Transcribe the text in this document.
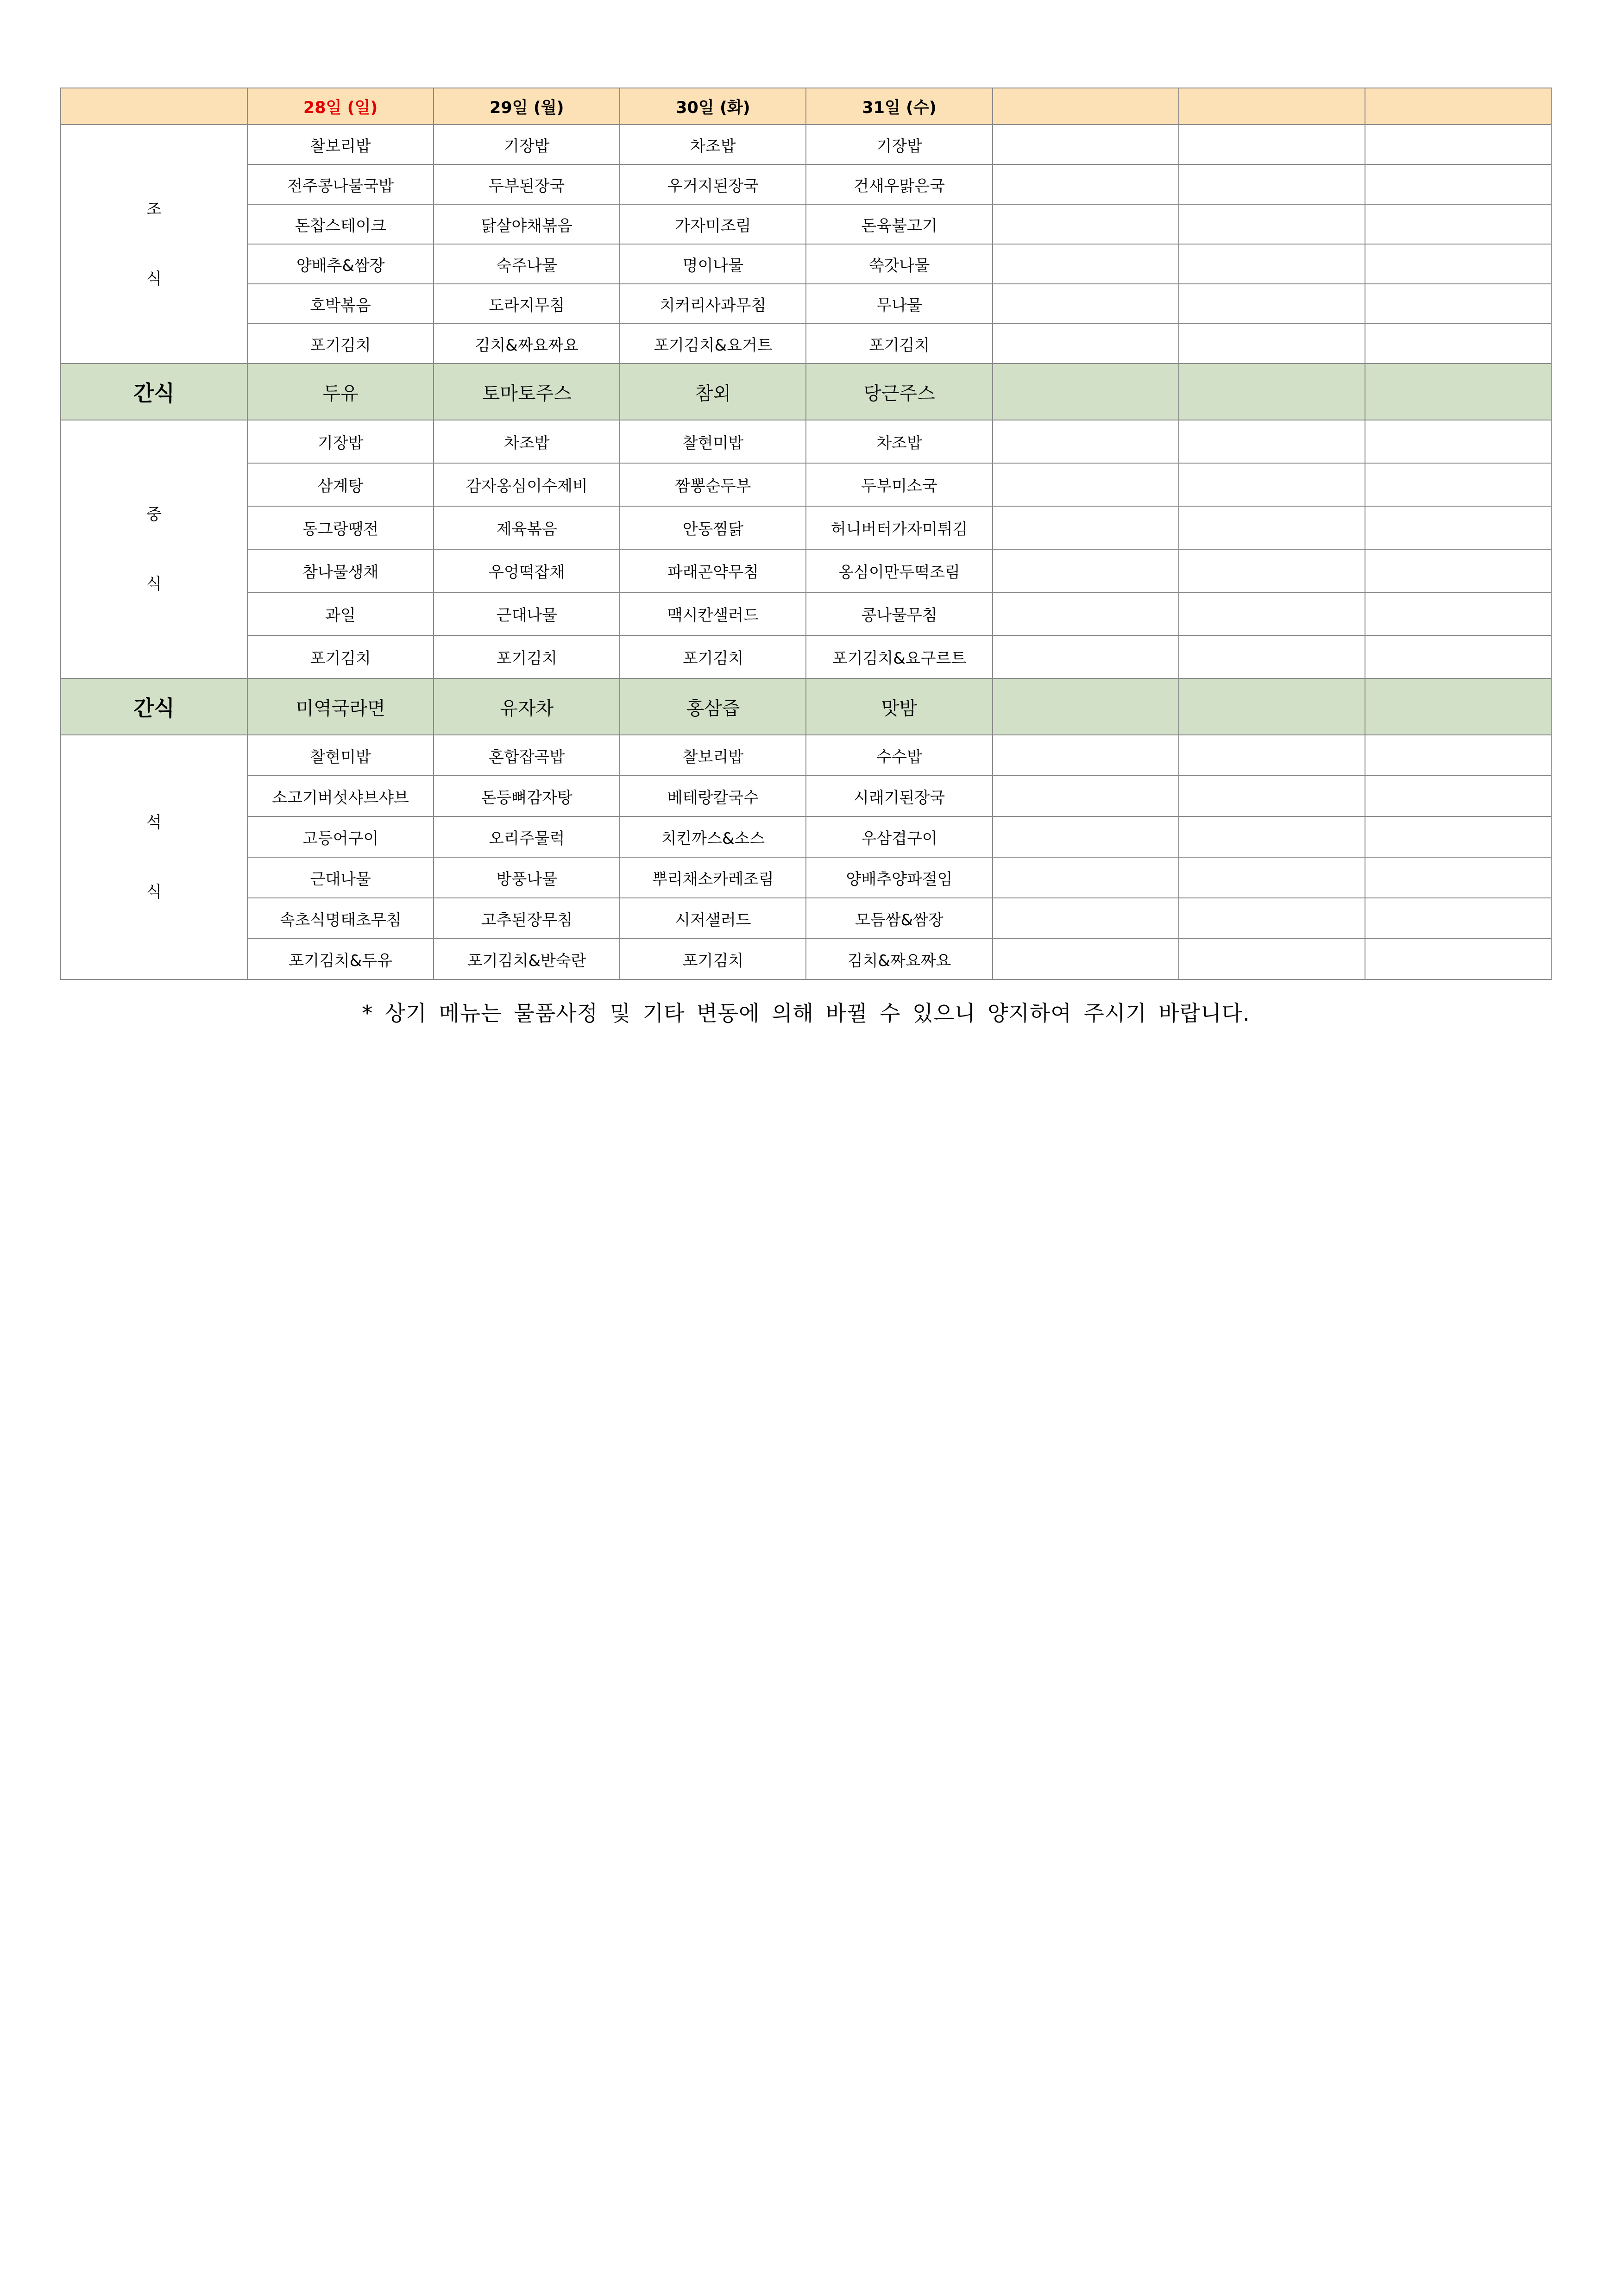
	28일 (일)	29일 (월)	30일 (화)	31일 (수)			

조
식	찰보리밥	기장밥	차조밥	기장밥			
	전주콩나물국밥	두부된장국	우거지된장국	건새우맑은국			
	돈찹스테이크	닭살야채볶음	가자미조림	돈육불고기			
	양배추&쌈장	숙주나물	명이나물	쑥갓나물			
	호박볶음	도라지무침	치커리사과무침	무나물			
	포기김치	김치&짜요짜요	포기김치&요거트	포기김치			
간식	두유	토마토주스	참외	당근주스			

중
식	기장밥	차조밥	찰현미밥	차조밥			
	삼계탕	감자옹심이수제비	짬뽕순두부	두부미소국			
	동그랑땡전	제육볶음	안동찜닭	허니버터가자미튀김			
	참나물생채	우엉떡잡채	파래곤약무침	옹심이만두떡조림			
	과일	근대나물	맥시칸샐러드	콩나물무침			
	포기김치	포기김치	포기김치	포기김치&요구르트			
간식	미역국라면	유자차	홍삼즙	맛밤			

석
식	찰현미밥	혼합잡곡밥	찰보리밥	수수밥			
	소고기버섯샤브샤브	돈등뼈감자탕	베테랑칼국수	시래기된장국			
	고등어구이	오리주물럭	치킨까스&소스	우삼겹구이			
	근대나물	방풍나물	뿌리채소카레조림	양배추양파절임			
	속초식명태초무침	고추된장무침	시저샐러드	모듬쌈&쌈장			
	포기김치&두유	포기김치&반숙란	포기김치	김치&짜요짜요			
* 상기 메뉴는 물품사정 및 기타 변동에 의해 바뀔 수 있으니 양지하여 주시기 바랍니다.
